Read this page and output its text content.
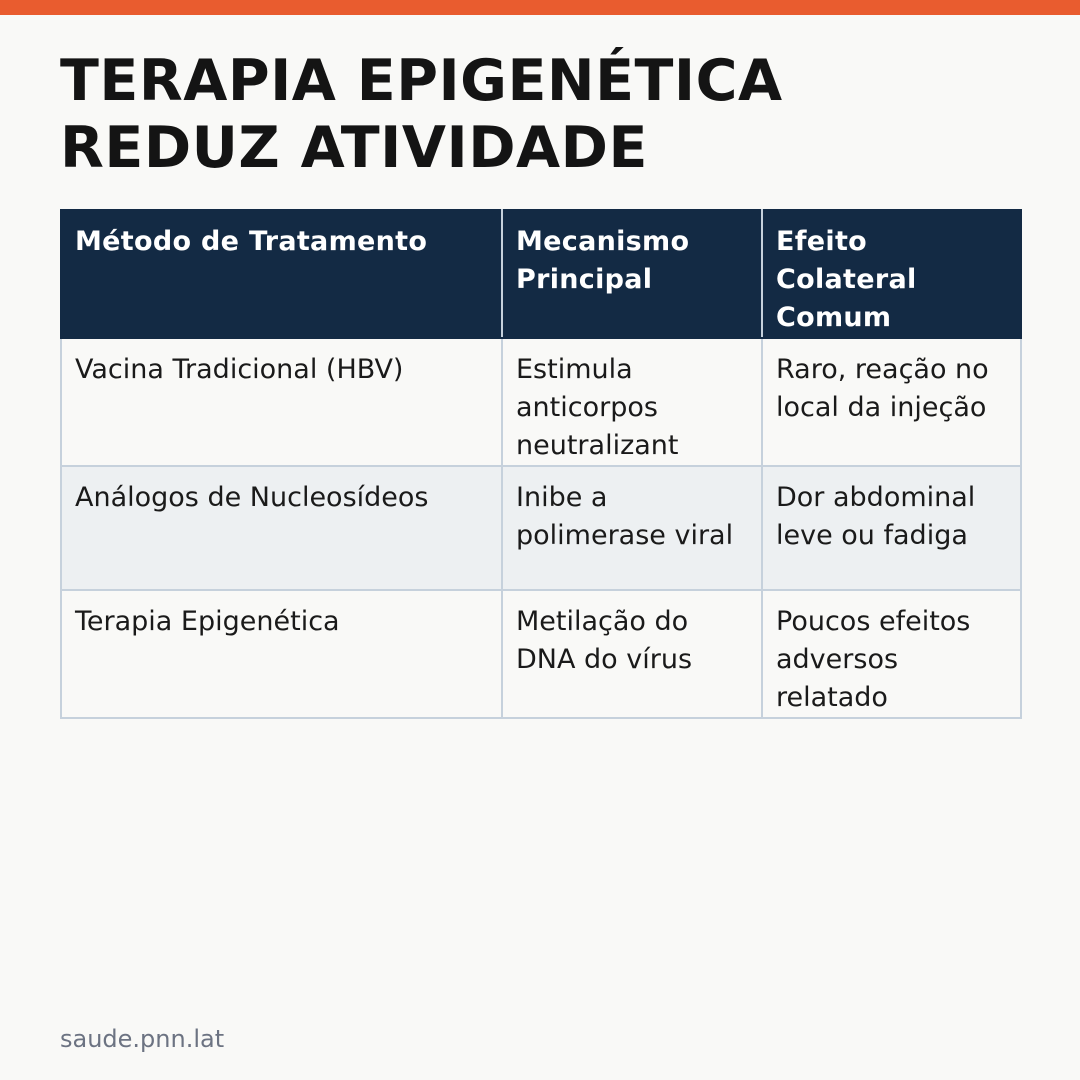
TERAPIA EPIGENÉTICA REDUZ ATIVIDADE
Método de Tratamento	Mecanismo Principal	Efeito Colateral Comum
Vacina Tradicional (HBV)	Estimula anticorpos neutralizant	Raro, reação no local da injeção
Análogos de Nucleosídeos	Inibe a polimerase viral	Dor abdominal leve ou fadiga
Terapia Epigenética	Metilação do DNA do vírus	Poucos efeitos adversos relatado
saude.pnn.lat
